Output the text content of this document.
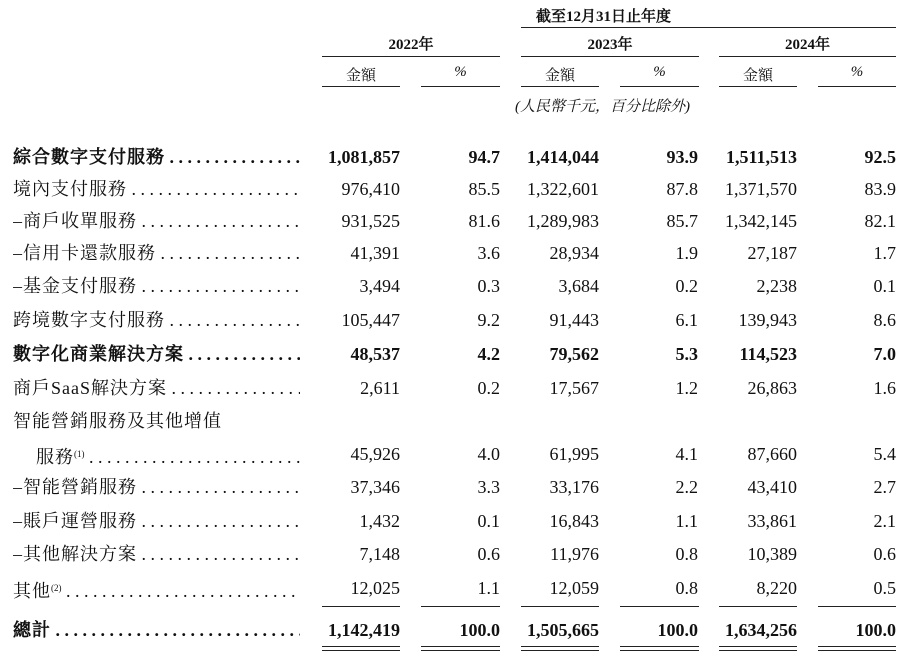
截至12月31日止年度
2022年	2023年	2024年
金額	%	金額	%	金額	%
(人民幣千元，百分比除外)
綜合數字支付服務 . . .	1,081,857	94.7 1,414,044	93.9 1,511,513	92.5
境內支付服務 . . .	976,410	85.5 1,322,601	87.8 1,371,570	83.9
–商戶收單服務 . . .	931,525	81.6 1,289,983	85.7 1,342,145	82.1
–信用卡還款服務 . . .	41,391	3.6	28,934	1.9	27,187	1.7
–基金支付服務 . . .	3,494	0.3	3,684	0.2	2,238	0.1
跨境數字支付服務 . . .	105,447	9.2	91,443	6.1 139,943	8.6
數字化商業解決方案 . . .	48,537	4.2	79,562	5.3 114,523	7.0
商戶SaaS解決方案 . . .	2,611	0.2	17,567	1.2	26,863	1.6
智能營銷服務及其他增值
服務$^{(1)}$ . . .	45,926	4.0	61,995	4.1	87,660	5.4
–智能營銷服務 . . .	37,346	3.3	33,176	2.2	43,410	2.7
–賬戶運營服務 . . .	1,432	0.1	16,843	1.1	33,861	2.1
–其他解決方案 . . .	7,148	0.6	11,976	0.8	10,389	0.6
其他$^{(2)}$ . . .	12,025	1.1	12,059	0.8	8,220	0.5
總計 . . .	1,142,419	100.0 1,505,665	100.0 1,634,256	100.0
